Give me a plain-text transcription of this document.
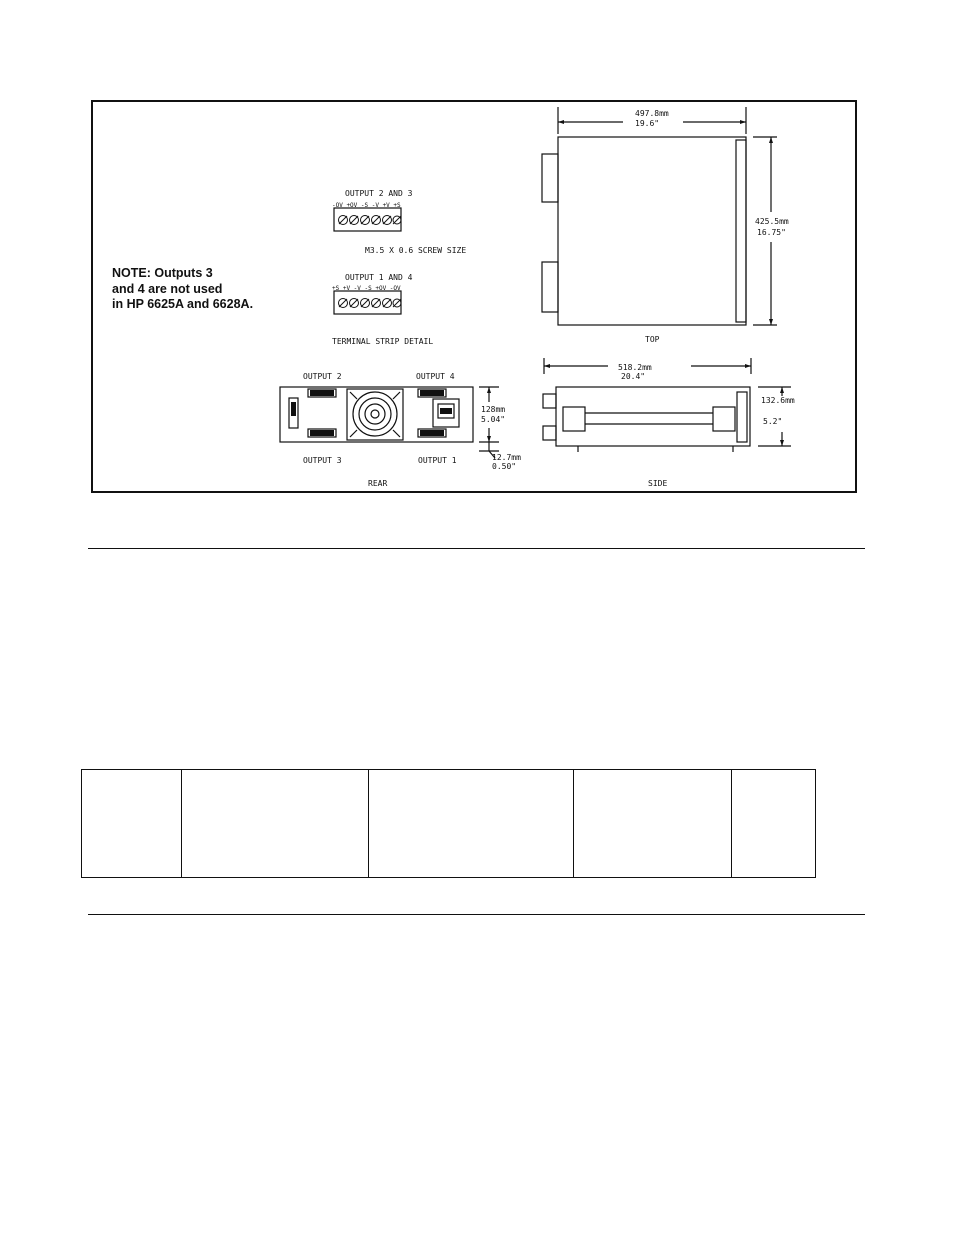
OUTPUT 2 AND 3
-OV +OV -S -V +V +S
M3.5 X 0.6 SCREW SIZE
OUTPUT 1 AND 4
+S +V -V -S +OV -OV
TERMINAL STRIP DETAIL
497.8mm
19.6"
425.5mm
16.75"
TOP
518.2mm
20.4"
132.6mm
5.2"
SIDE
OUTPUT 2	OUTPUT 4
OUTPUT 3	OUTPUT 1
128mm
5.04"
12.7mm
0.50"
REAR
NOTE: Outputs 3
and 4 are not used
in HP 6625A and 6628A.
